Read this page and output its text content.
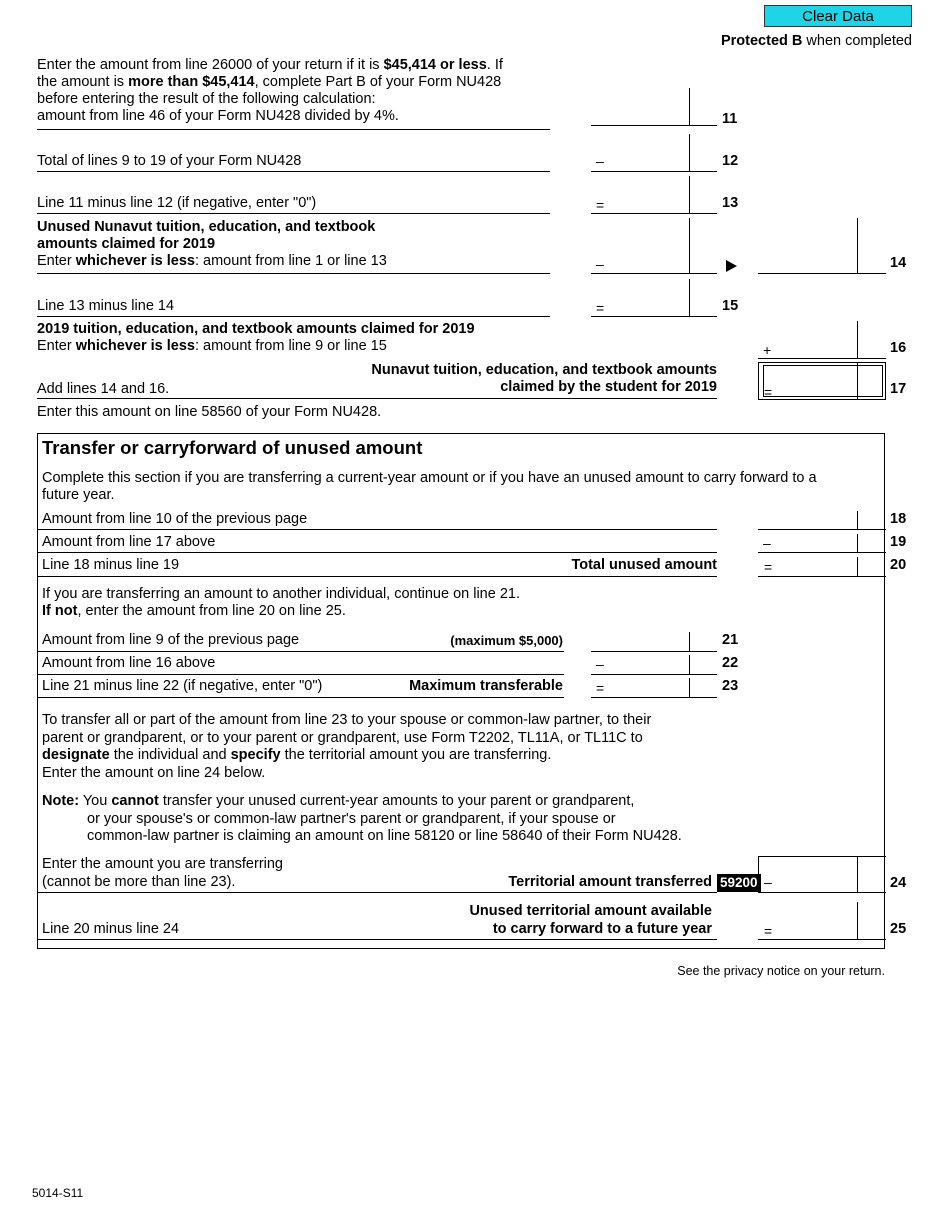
Clear Data
Protected B when completed
Enter the amount from line 26000 of your return if it is $45,414 or less. If
the amount is more than $45,414, complete Part B of your Form NU428
before entering the result of the following calculation:
amount from line 46 of your Form NU428 divided by 4%.	11
Total of lines 9 to 19 of your Form NU428	–	12
Line 11 minus line 12 (if negative, enter "0")	=	13
Unused Nunavut tuition, education, and textbook
amounts claimed for 2019
Enter whichever is less: amount from line 1 or line 13	–	14
Line 13 minus line 14	=	15
2019 tuition, education, and textbook amounts claimed for 2019
Enter whichever is less: amount from line 9 or line 15	+	16
Add lines 14 and 16.
Nunavut tuition, education, and textbook amounts
claimed by the student for 2019	=	17
Enter this amount on line 58560 of your Form NU428.
Transfer or carryforward of unused amount
Complete this section if you are transferring a current-year amount or if you have an unused amount to carry forward to a
future year.
Amount from line 10 of the previous page	18
Amount from line 17 above	–	19
Line 18 minus line 19	Total unused amount	=	20
If you are transferring an amount to another individual, continue on line 21.
If not, enter the amount from line 20 on line 25.
Amount from line 9 of the previous page	(maximum $5,000)	21
Amount from line 16 above	–	22
Line 21 minus line 22 (if negative, enter "0")	Maximum transferable =	23
To transfer all or part of the amount from line 23 to your spouse or common-law partner, to their
parent or grandparent, or to your parent or grandparent, use Form T2202, TL11A, or TL11C to
designate the individual and specify the territorial amount you are transferring.
Enter the amount on line 24 below.
Note: You cannot transfer your unused current-year amounts to your parent or grandparent,
or your spouse's or common-law partner's parent or grandparent, if your spouse or
common-law partner is claiming an amount on line 58120 or line 58640 of their Form NU428.
Enter the amount you are transferring
(cannot be more than line 23).	Territorial amount transferred 59200 –	24
Line 20 minus line 24
Unused territorial amount available
to carry forward to a future year	=	25
See the privacy notice on your return.
5014-S11
